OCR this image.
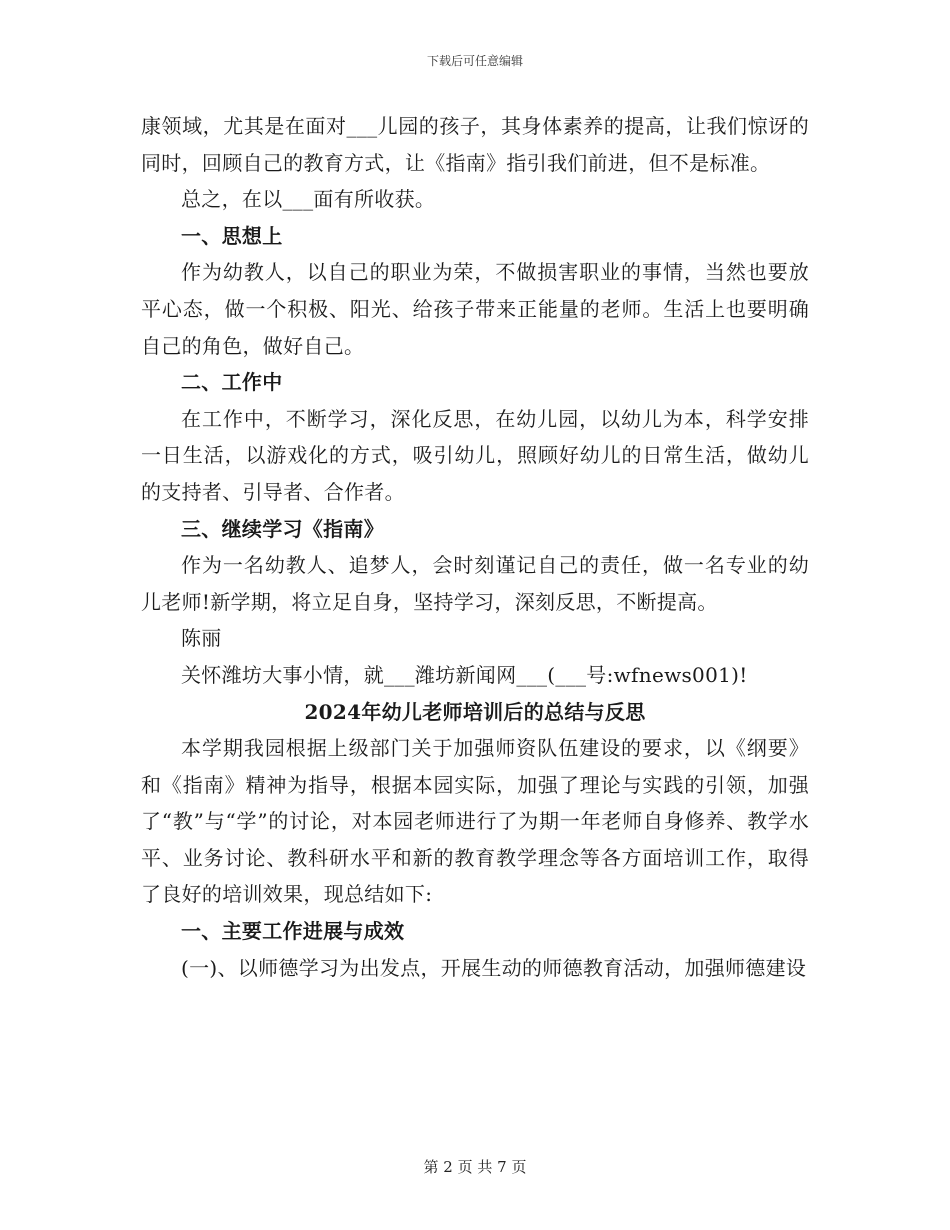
下载后可任意编辑

康领域，尤其是在面对___儿园的孩子，其身体素养的提高，让我们惊讶的同时，回顾自己的教育方式，让《指南》指引我们前进，但不是标准。

总之，在以___面有所收获。

一、思想上

作为幼教人，以自己的职业为荣，不做损害职业的事情，当然也要放平心态，做一个积极、阳光、给孩子带来正能量的老师。生活上也要明确自己的角色，做好自己。

二、工作中

在工作中，不断学习，深化反思，在幼儿园，以幼儿为本，科学安排一日生活，以游戏化的方式，吸引幼儿，照顾好幼儿的日常生活，做幼儿的支持者、引导者、合作者。

三、继续学习《指南》

作为一名幼教人、追梦人，会时刻谨记自己的责任，做一名专业的幼儿老师!新学期，将立足自身，坚持学习，深刻反思，不断提高。

陈丽

关怀潍坊大事小情，就___潍坊新闻网___(___号:wfnews001)!

2024年幼儿老师培训后的总结与反思

本学期我园根据上级部门关于加强师资队伍建设的要求，以《纲要》和《指南》精神为指导，根据本园实际，加强了理论与实践的引领，加强了“教”与“学”的讨论，对本园老师进行了为期一年老师自身修养、教学水平、业务讨论、教科研水平和新的教育教学理念等各方面培训工作，取得了良好的培训效果，现总结如下:

一、主要工作进展与成效

(一)、以师德学习为出发点，开展生动的师德教育活动，加强师德建设

第 2 页 共 7 页
